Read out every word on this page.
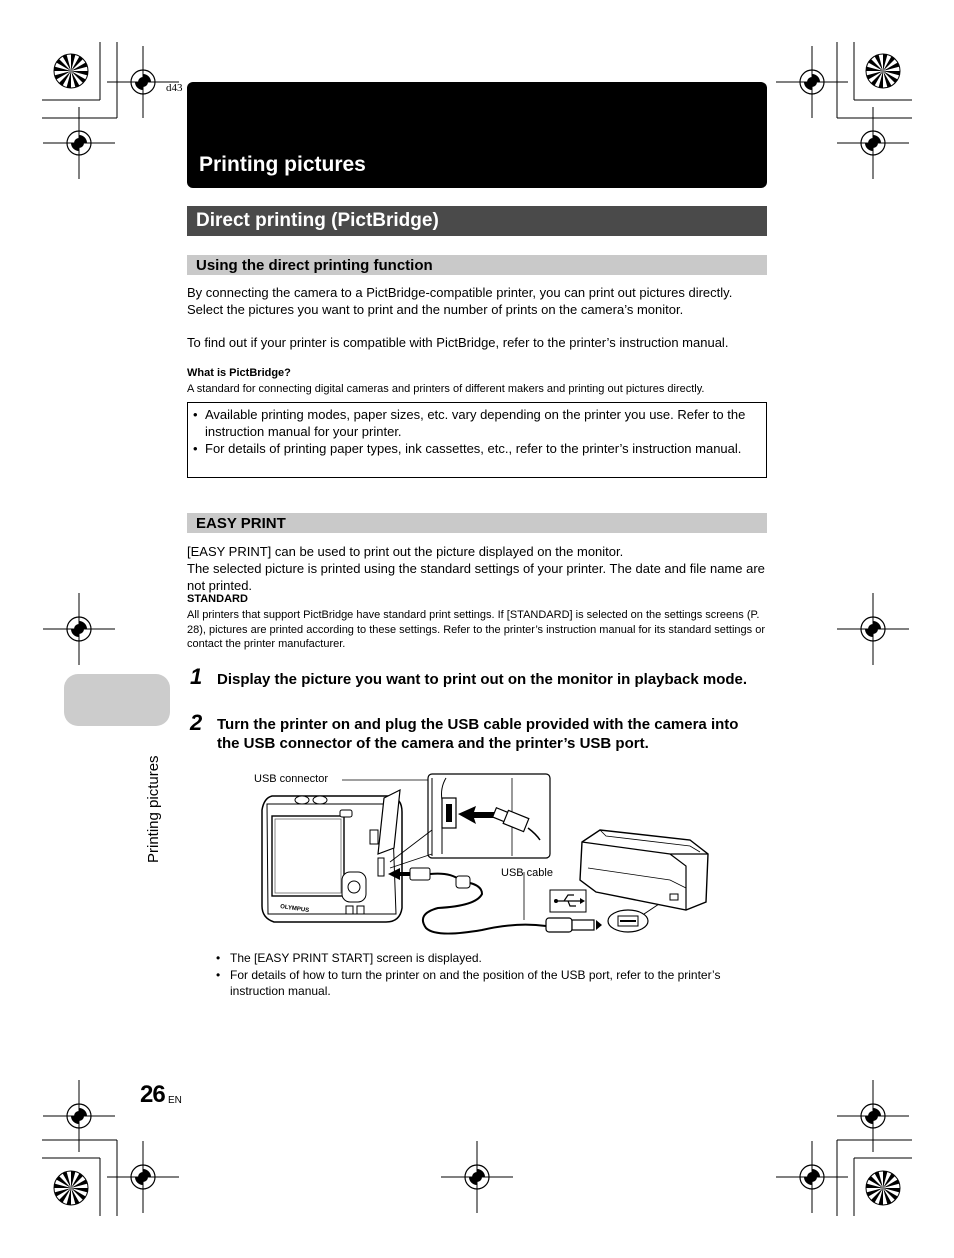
d43
Printing pictures
Direct printing (PictBridge)
Using the direct printing function
By connecting the camera to a PictBridge-compatible printer, you can print out pictures directly. Select the pictures you want to print and the number of prints on the camera’s monitor.
To find out if your printer is compatible with PictBridge, refer to the printer’s instruction manual.
What is PictBridge?
A standard for connecting digital cameras and printers of different makers and printing out pictures directly.
• Available printing modes, paper sizes, etc. vary depending on the printer you use. Refer to the instruction manual for your printer.
• For details of printing paper types, ink cassettes, etc., refer to the printer’s instruction manual.
EASY PRINT
[EASY PRINT] can be used to print out the picture displayed on the monitor.
The selected picture is printed using the standard settings of your printer. The date and file name are not printed.
STANDARD
All printers that support PictBridge have standard print settings. If [STANDARD] is selected on the settings screens (P. 28), pictures are printed according to these settings. Refer to the printer’s instruction manual for its standard settings or contact the printer manufacturer.
1 Display the picture you want to print out on the monitor in playback mode.
2 Turn the printer on and plug the USB cable provided with the camera into the USB connector of the camera and the printer’s USB port.
Printing pictures	USB connector
USB cable
OLYMPUS
• The [EASY PRINT START] screen is displayed.
• For details of how to turn the printer on and the position of the USB port, refer to the printer’s instruction manual.
26 EN
